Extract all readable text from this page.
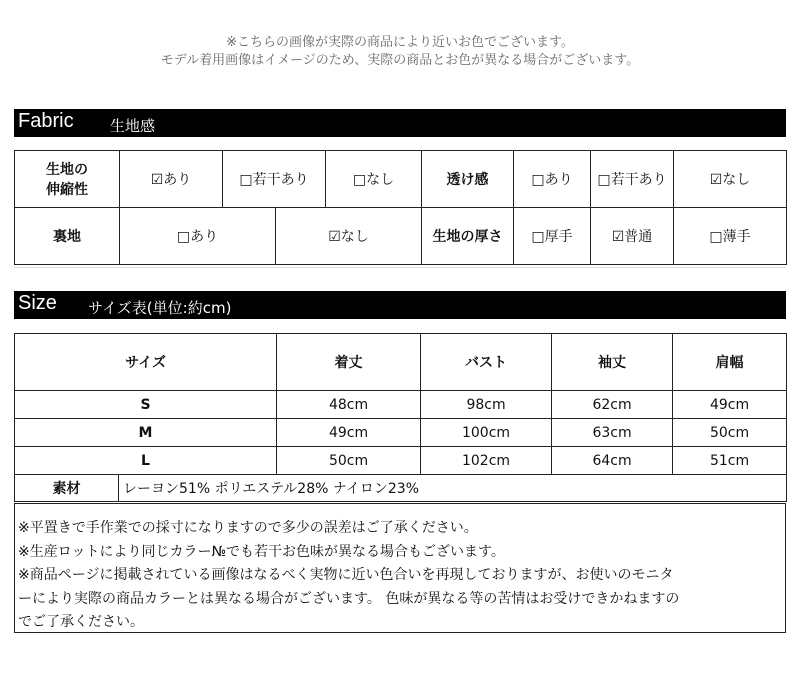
※こちらの画像が実際の商品により近いお色でございます。
モデル着用画像はイメージのため、実際の商品とお色が異なる場合がございます。
Fabric 生地感
生地の
伸縮性	☑あり	□若干あり		□なし	透け感	□あり	□若干あり	☑なし
裏地	□あり		☑なし		生地の厚さ	□厚手	☑普通	□薄手
Size サイズ表(単位:約cm)
サイズ		着丈	バスト	袖丈	肩幅
S		48cm	98cm	62cm	49cm
M		49cm	100cm	63cm	50cm
L		50cm	102cm	64cm	51cm
素材	レーヨン51% ポリエステル28% ナイロン23%				
※平置きで手作業での採寸になりますので多少の誤差はご了承ください。
※生産ロットにより同じカラー№でも若干お色味が異なる場合もございます。
※商品ページに掲載されている画像はなるべく実物に近い色合いを再現しておりますが、お使いのモニタ
ーにより実際の商品カラーとは異なる場合がございます。 色味が異なる等の苦情はお受けできかねますの
でご了承ください。
